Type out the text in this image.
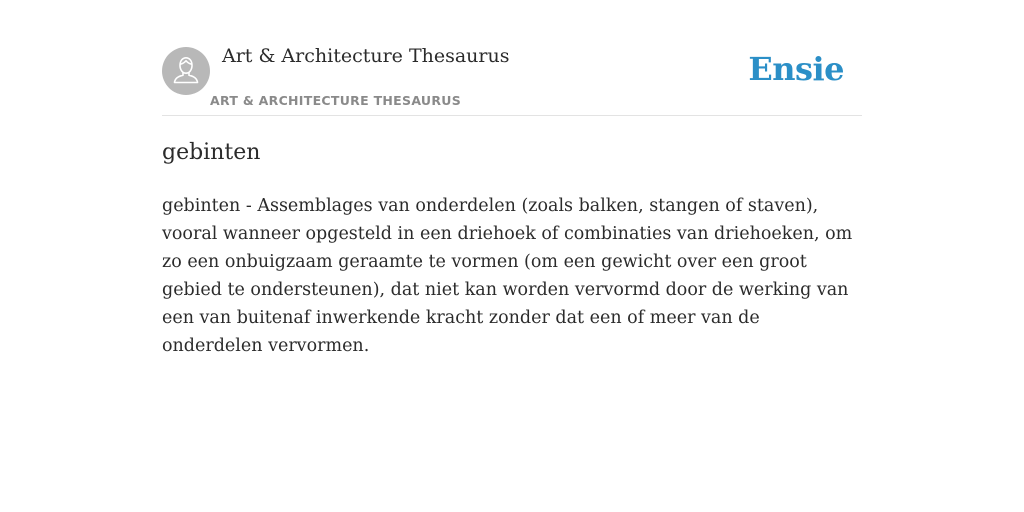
Art & Architecture Thesaurus
ART & ARCHITECTURE THESAURUS
Ensie
gebinten

gebinten - Assemblages van onderdelen (zoals balken, stangen of staven), vooral wanneer opgesteld in een driehoek of combinaties van driehoeken, om zo een onbuigzaam geraamte te vormen (om een gewicht over een groot gebied te ondersteunen), dat niet kan worden vervormd door de werking van een van buitenaf inwerkende kracht zonder dat een of meer van de onderdelen vervormen.
